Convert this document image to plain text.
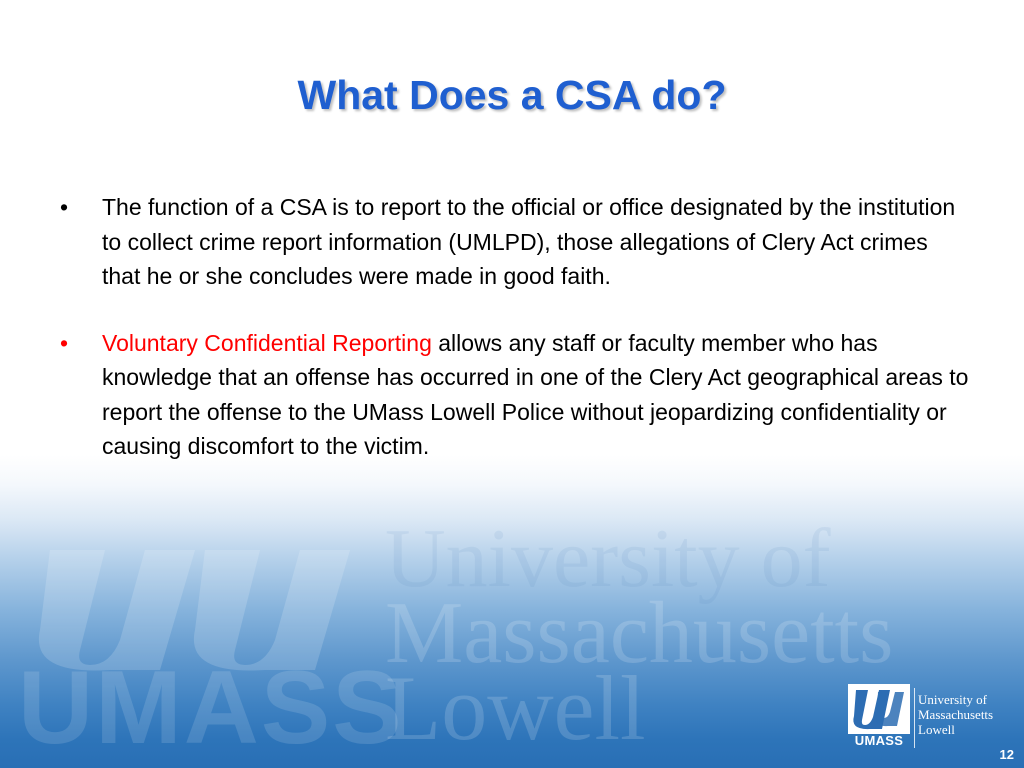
UMASS
University of
Massachusetts
Lowell
What Does a CSA do?
•	The function of a CSA is to report to the official or office designated by the institution to collect crime report information (UMLPD), those allegations of Clery Act crimes that he or she concludes were made in good faith.
•	Voluntary Confidential Reporting allows any staff or faculty member who has knowledge that an offense has occurred in one of the Clery Act geographical areas to report the offense to the UMass Lowell Police without jeopardizing confidentiality or causing discomfort to the victim.
UMASS
University of
Massachusetts
Lowell
12
